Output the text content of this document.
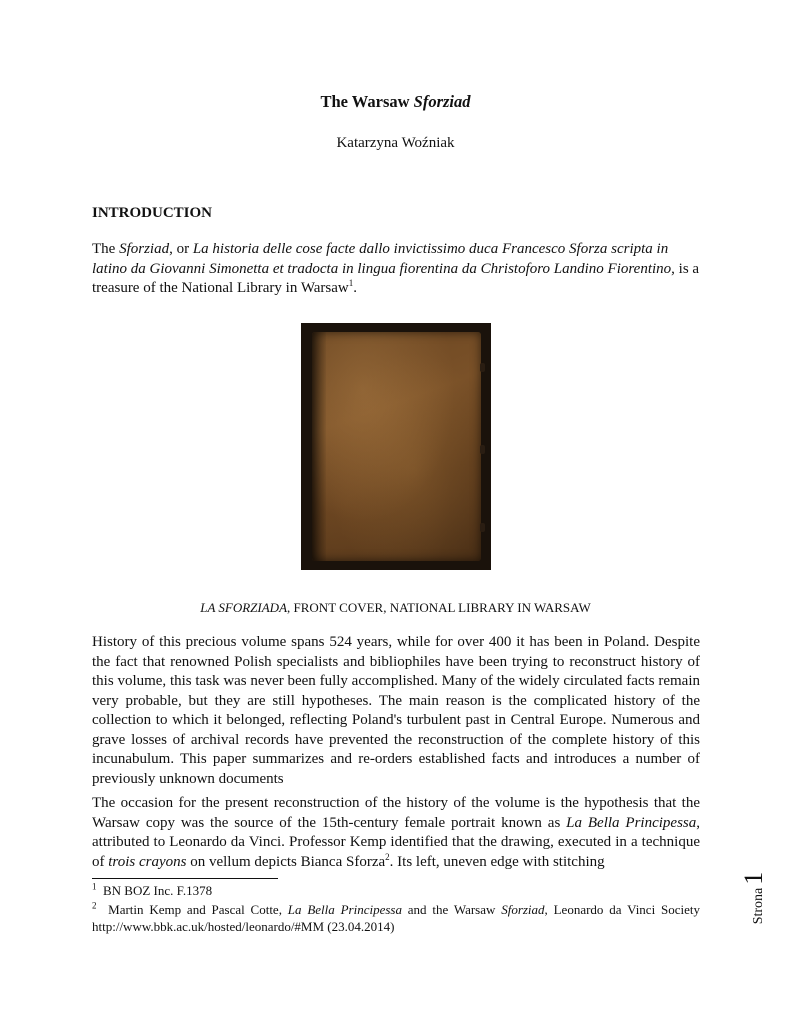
The Warsaw Sforziad
Katarzyna Woźniak
INTRODUCTION
The Sforziad, or La historia delle cose facte dallo invictissimo duca Francesco Sforza scripta in latino da Giovanni Simonetta et tradocta in lingua fiorentina da Christoforo Landino Fiorentino, is a treasure of the National Library in Warsaw$^1$.
LA SFORZIADA, FRONT COVER, NATIONAL LIBRARY IN WARSAW
History of this precious volume spans 524 years, while for over 400 it has been in Poland. Despite the fact that renowned Polish specialists and bibliophiles have been trying to reconstruct history of this volume, this task was never been fully accomplished. Many of the widely circulated facts remain very probable, but they are still hypotheses. The main reason is the complicated history of the collection to which it belonged, reflecting Poland's turbulent past in Central Europe. Numerous and grave losses of archival records have prevented the reconstruction of the complete history of this incunabulum. This paper summarizes and re-orders established facts and introduces a number of previously unknown documents
The occasion for the present reconstruction of the history of the volume is the hypothesis that the Warsaw copy was the source of the 15th-century female portrait known as La Bella Principessa, attributed to Leonardo da Vinci. Professor Kemp identified that the drawing, executed in a technique of trois crayons on vellum depicts Bianca Sforza$^2$. Its left, uneven edge with stitching
$^1$ BN BOZ Inc. F.1378
$^2$ Martin Kemp and Pascal Cotte, La Bella Principessa and the Warsaw Sforziad, Leonardo da Vinci Society http://www.bbk.ac.uk/hosted/leonardo/#MM (23.04.2014)
Strona1
